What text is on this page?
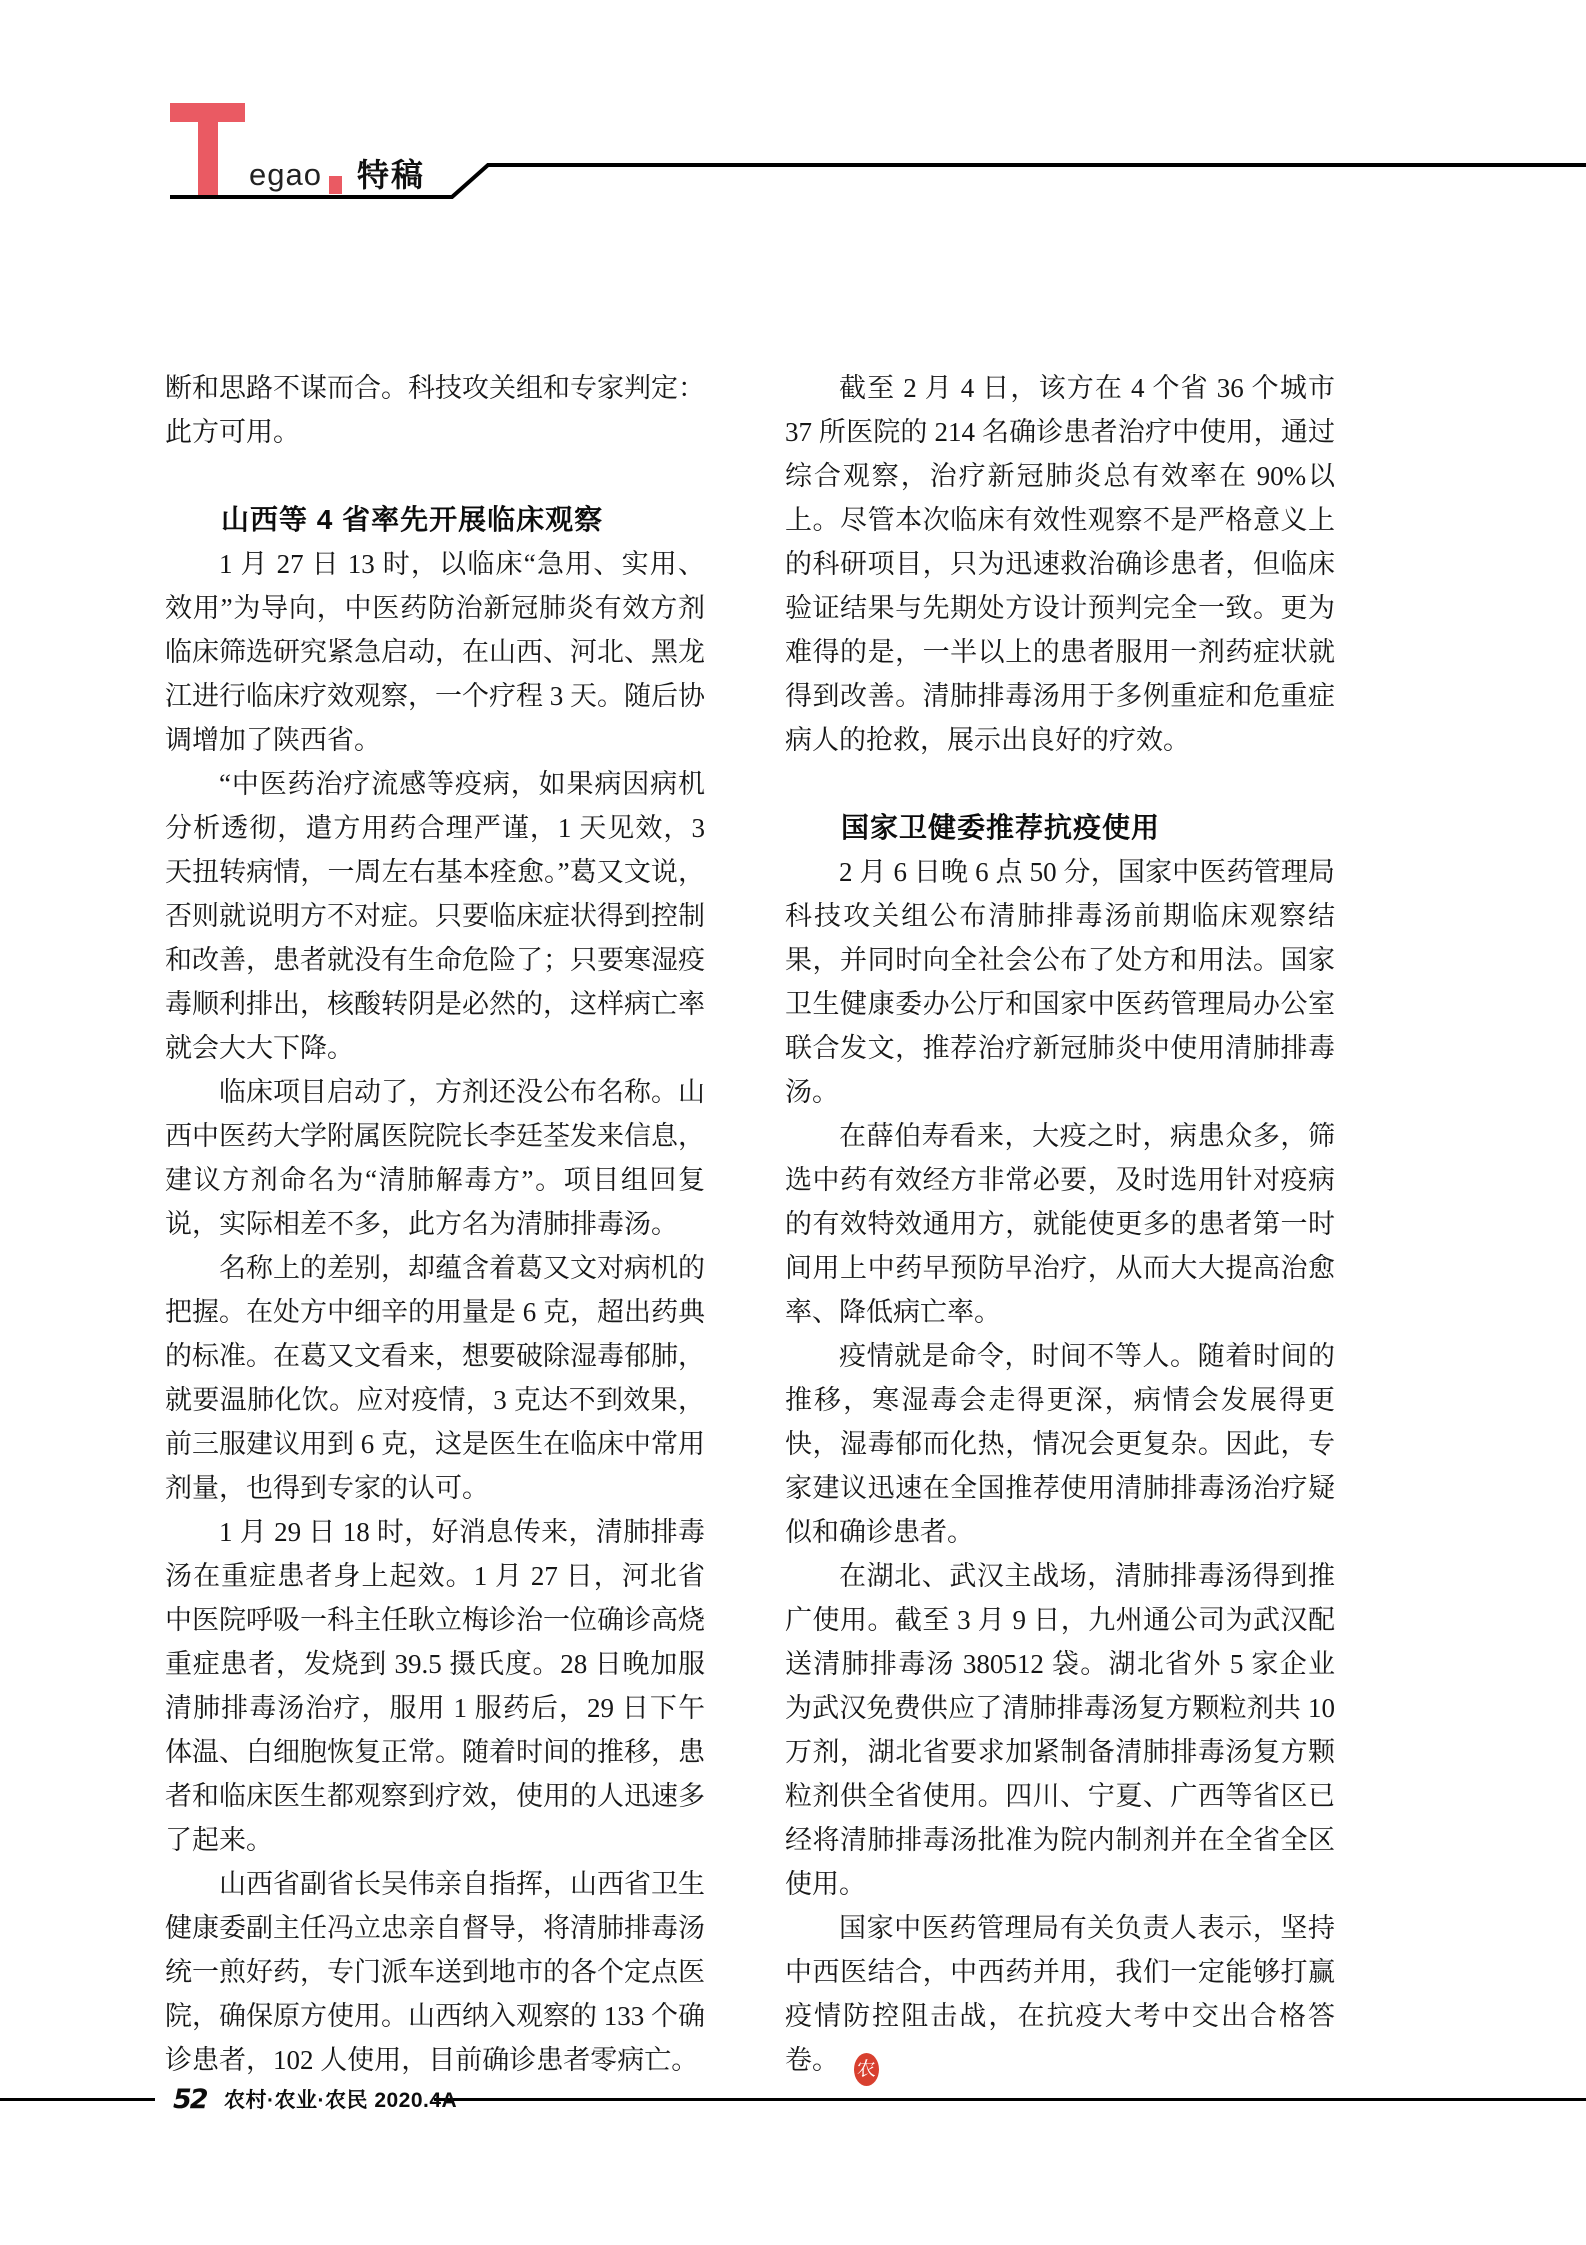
egao 特稿

断和思路不谋而合。科技攻关组和专家判定：此方可用。

山西等 4 省率先开展临床观察

1 月 27 日 13 时，以临床“急用、实用、效用”为导向，中医药防治新冠肺炎有效方剂临床筛选研究紧急启动，在山西、河北、黑龙江进行临床疗效观察，一个疗程 3 天。随后协调增加了陕西省。

“中医药治疗流感等疫病，如果病因病机分析透彻，遣方用药合理严谨，1 天见效，3 天扭转病情，一周左右基本痊愈。”葛又文说，否则就说明方不对症。只要临床症状得到控制和改善，患者就没有生命危险了；只要寒湿疫毒顺利排出，核酸转阴是必然的，这样病亡率就会大大下降。

临床项目启动了，方剂还没公布名称。山西中医药大学附属医院院长李廷荃发来信息，建议方剂命名为“清肺解毒方”。项目组回复说，实际相差不多，此方名为清肺排毒汤。

名称上的差别，却蕴含着葛又文对病机的把握。在处方中细辛的用量是 6 克，超出药典的标准。在葛又文看来，想要破除湿毒郁肺，就要温肺化饮。应对疫情，3 克达不到效果，前三服建议用到 6 克，这是医生在临床中常用剂量，也得到专家的认可。

1 月 29 日 18 时，好消息传来，清肺排毒汤在重症患者身上起效。1 月 27 日，河北省中医院呼吸一科主任耿立梅诊治一位确诊高烧重症患者，发烧到 39.5 摄氏度。28 日晚加服清肺排毒汤治疗，服用 1 服药后，29 日下午体温、白细胞恢复正常。随着时间的推移，患者和临床医生都观察到疗效，使用的人迅速多了起来。

山西省副省长吴伟亲自指挥，山西省卫生健康委副主任冯立忠亲自督导，将清肺排毒汤统一煎好药，专门派车送到地市的各个定点医院，确保原方使用。山西纳入观察的 133 个确诊患者，102 人使用，目前确诊患者零病亡。

截至 2 月 4 日，该方在 4 个省 36 个城市 37 所医院的 214 名确诊患者治疗中使用，通过综合观察，治疗新冠肺炎总有效率在 90%以上。尽管本次临床有效性观察不是严格意义上的科研项目，只为迅速救治确诊患者，但临床验证结果与先期处方设计预判完全一致。更为难得的是，一半以上的患者服用一剂药症状就得到改善。清肺排毒汤用于多例重症和危重症病人的抢救，展示出良好的疗效。

国家卫健委推荐抗疫使用

2 月 6 日晚 6 点 50 分，国家中医药管理局科技攻关组公布清肺排毒汤前期临床观察结果，并同时向全社会公布了处方和用法。国家卫生健康委办公厅和国家中医药管理局办公室联合发文，推荐治疗新冠肺炎中使用清肺排毒汤。

在薛伯寿看来，大疫之时，病患众多，筛选中药有效经方非常必要，及时选用针对疫病的有效特效通用方，就能使更多的患者第一时间用上中药早预防早治疗，从而大大提高治愈率、降低病亡率。

疫情就是命令，时间不等人。随着时间的推移，寒湿毒会走得更深，病情会发展得更快，湿毒郁而化热，情况会更复杂。因此，专家建议迅速在全国推荐使用清肺排毒汤治疗疑似和确诊患者。

在湖北、武汉主战场，清肺排毒汤得到推广使用。截至 3 月 9 日，九州通公司为武汉配送清肺排毒汤 380512 袋。湖北省外 5 家企业为武汉免费供应了清肺排毒汤复方颗粒剂共 10 万剂，湖北省要求加紧制备清肺排毒汤复方颗粒剂供全省使用。四川、宁夏、广西等省区已经将清肺排毒汤批准为院内制剂并在全省全区使用。

国家中医药管理局有关负责人表示，坚持中西医结合，中西药并用，我们一定能够打赢疫情防控阻击战，在抗疫大考中交出合格答卷。 农

52 农村·农业·农民 2020.4A
